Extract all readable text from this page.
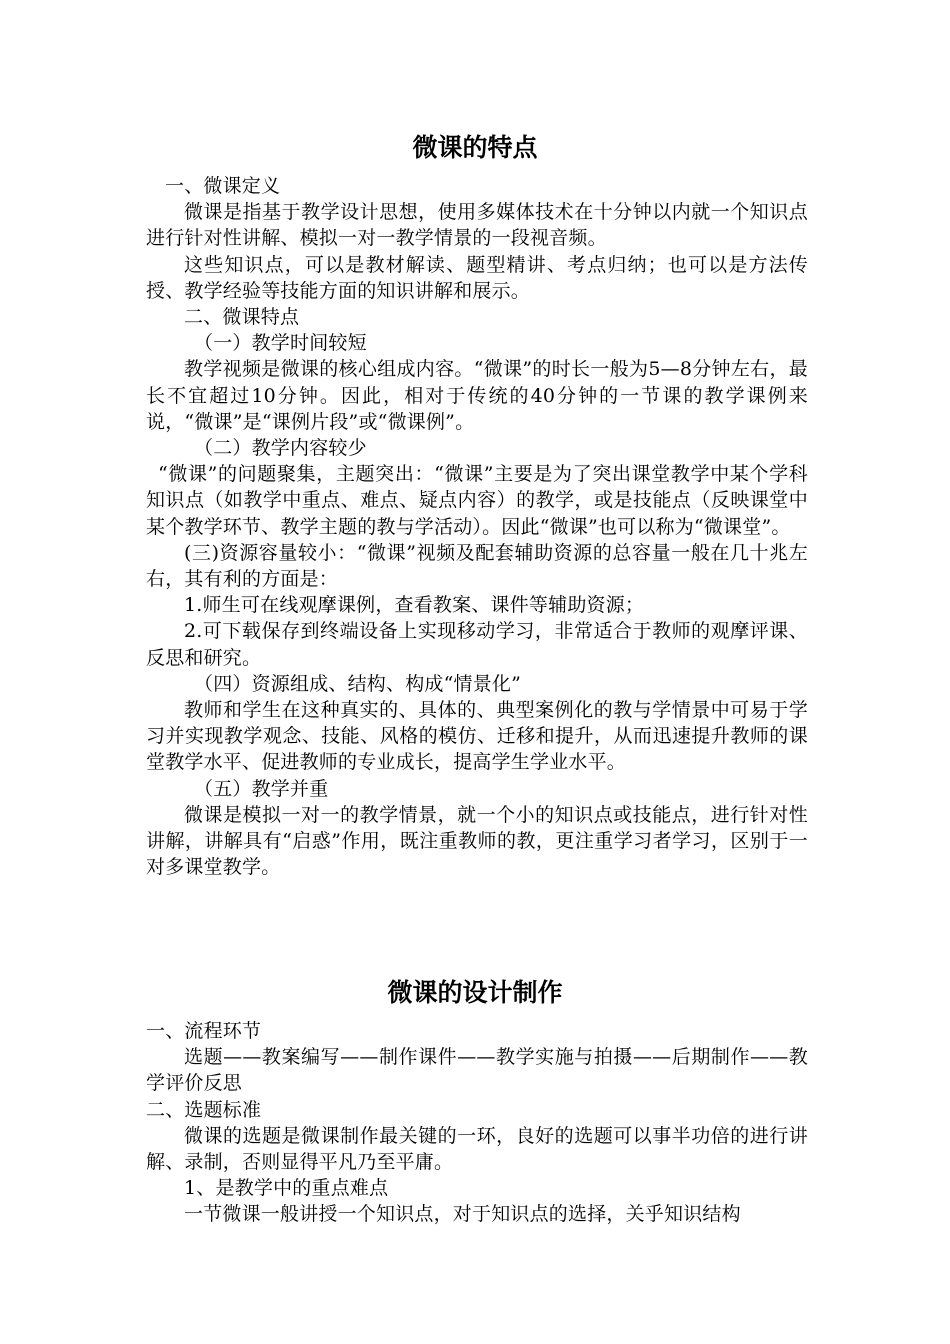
微课的特点

一、微课定义

微课是指基于教学设计思想，使用多媒体技术在十分钟以内就一个知识点进行针对性讲解、模拟一对一教学情景的一段视音频。

这些知识点，可以是教材解读、题型精讲、考点归纳；也可以是方法传授、教学经验等技能方面的知识讲解和展示。

二、微课特点

（一）教学时间较短

教学视频是微课的核心组成内容。“微课”的时长一般为5—8分钟左右，最长不宜超过10分钟。因此，相对于传统的40分钟的一节课的教学课例来说，“微课”是“课例片段”或“微课例”。

（二）教学内容较少

“微课”的问题聚集，主题突出：“微课”主要是为了突出课堂教学中某个学科知识点（如教学中重点、难点、疑点内容）的教学，或是技能点（反映课堂中某个教学环节、教学主题的教与学活动）。因此“微课”也可以称为“微课堂”。

(三)资源容量较小：“微课”视频及配套辅助资源的总容量一般在几十兆左右，其有利的方面是：

1.师生可在线观摩课例，查看教案、课件等辅助资源；

2.可下载保存到终端设备上实现移动学习，非常适合于教师的观摩评课、反思和研究。

（四）资源组成、结构、构成“情景化”

教师和学生在这种真实的、具体的、典型案例化的教与学情景中可易于学习并实现教学观念、技能、风格的模仿、迁移和提升，从而迅速提升教师的课堂教学水平、促进教师的专业成长，提高学生学业水平。

（五）教学并重

微课是模拟一对一的教学情景，就一个小的知识点或技能点，进行针对性讲解，讲解具有“启惑”作用，既注重教师的教，更注重学习者学习，区别于一对多课堂教学。

微课的设计制作

一、流程环节

选题——教案编写——制作课件——教学实施与拍摄——后期制作——教学评价反思

二、选题标准

微课的选题是微课制作最关键的一环，良好的选题可以事半功倍的进行讲解、录制，否则显得平凡乃至平庸。

1、是教学中的重点难点

一节微课一般讲授一个知识点，对于知识点的选择，关乎知识结构
